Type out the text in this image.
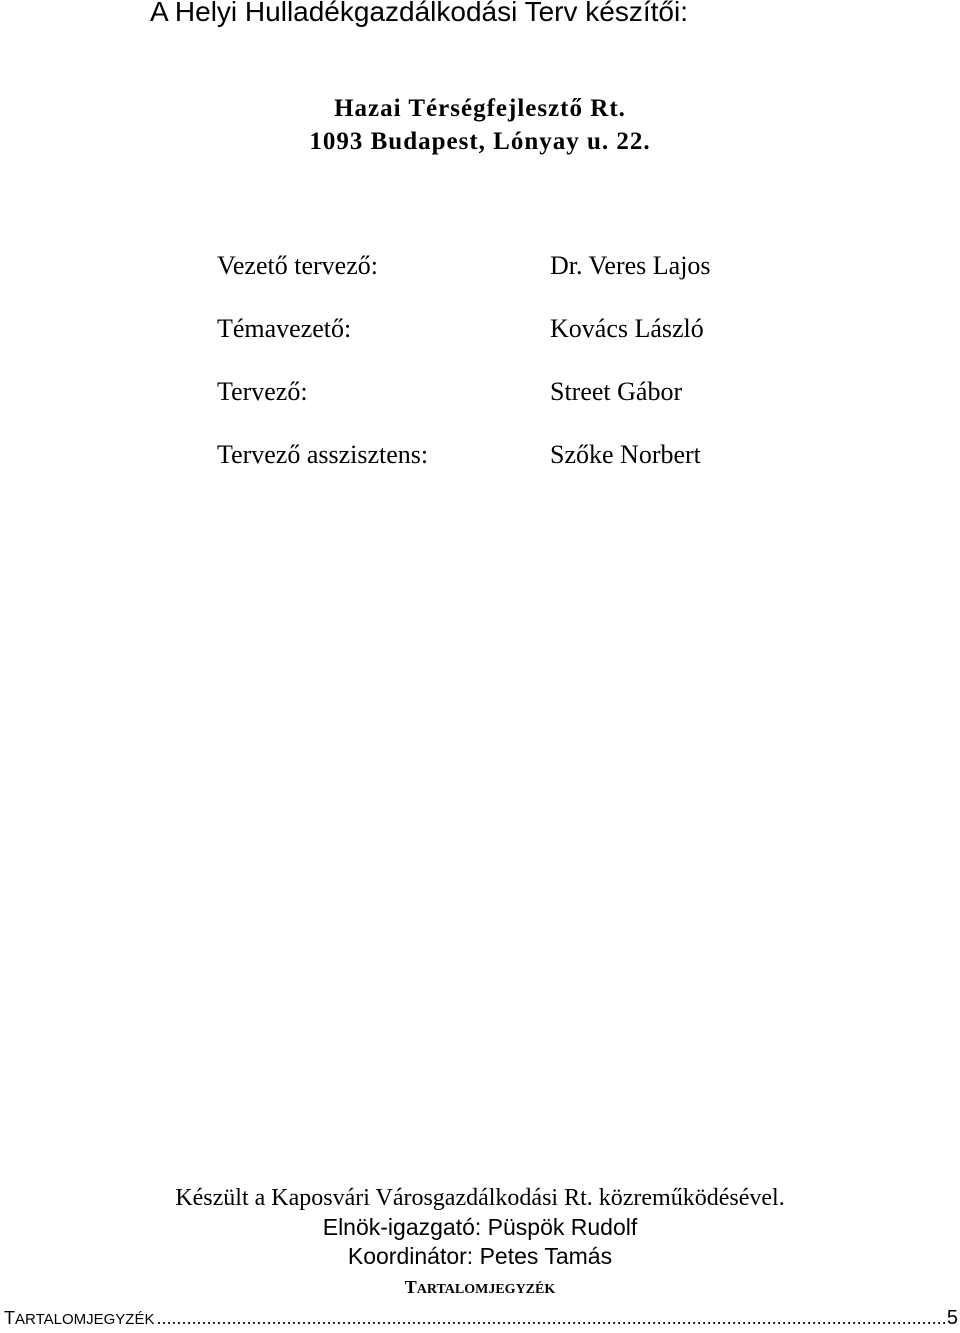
A Helyi Hulladékgazdálkodási Terv készítői:
Hazai Térségfejlesztő Rt.
1093 Budapest, Lónyay u. 22.
Vezető tervező:	Dr. Veres Lajos
Témavezető:	Kovács László
Tervező:	Street Gábor
Tervező asszisztens:	Szőke Norbert
Készült a Kaposvári Városgazdálkodási Rt. közreműködésével.
Elnök-igazgató: Püspök Rudolf
Koordinátor: Petes Tamás
TARTALOMJEGYZÉK
TARTALOMJEGYZÉK
.....	5
